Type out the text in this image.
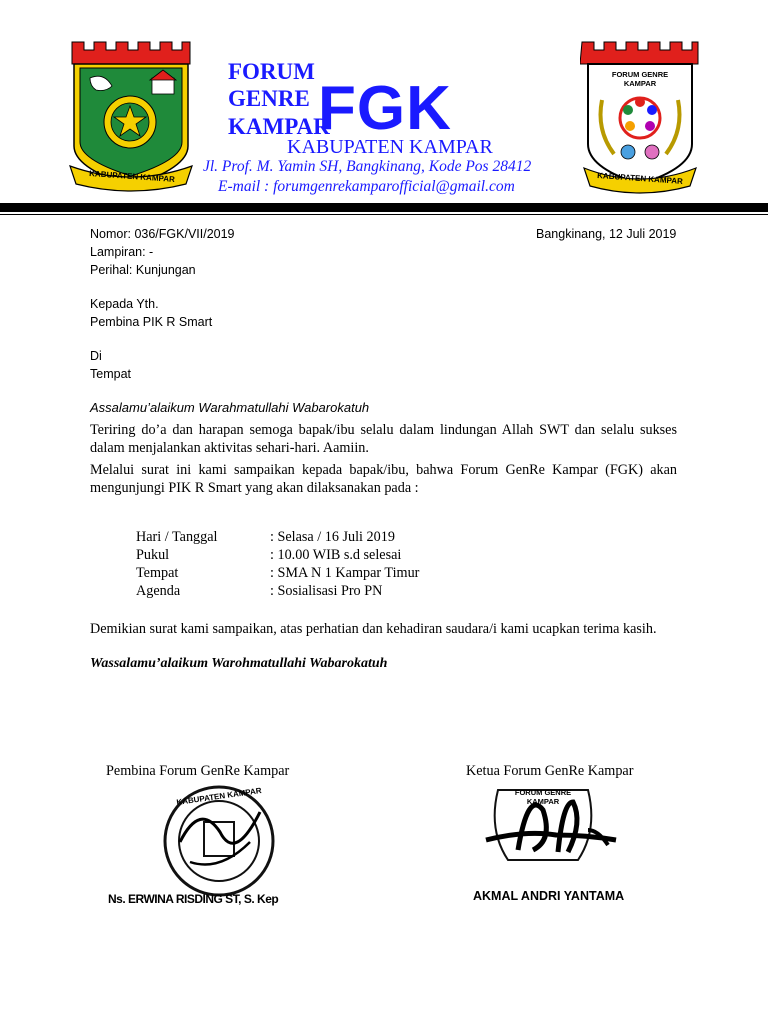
KABUPATEN KAMPAR
FORUM
GENRE
KAMPAR
FGK
KABUPATEN KAMPAR
Jl. Prof. M. Yamin SH, Bangkinang, Kode Pos 28412
E-mail : forumgenrekamparofficial@gmail.com
FORUM GENRE KAMPAR
KABUPATEN KAMPAR
Nomor: 036/FGK/VII/2019
Lampiran: -
Perihal: Kunjungan
Bangkinang, 12 Juli 2019
Kepada Yth.
Pembina PIK R Smart
Di
Tempat
Assalamu’alaikum Warahmatullahi Wabarokatuh
Teriring do’a dan harapan semoga bapak/ibu selalu dalam lindungan Allah SWT dan selalu sukses dalam menjalankan aktivitas sehari-hari. Aamiin.
Melalui surat ini kami sampaikan kepada bapak/ibu, bahwa Forum GenRe Kampar (FGK) akan mengunjungi PIK R Smart yang akan dilaksanakan pada :
Hari / Tanggal	: Selasa / 16 Juli 2019
Pukul	: 10.00 WIB s.d selesai
Tempat	: SMA N 1 Kampar Timur
Agenda	: Sosialisasi Pro PN
Demikian surat kami sampaikan, atas perhatian dan kehadiran saudara/i kami ucapkan terima kasih.
Wassalamu’alaikum Warohmatullahi Wabarokatuh
Pembina Forum GenRe Kampar	Ketua Forum GenRe Kampar
KABUPATEN KAMPAR
Ns. ERWINA RISDING ST, S. Kep
FORUM GENRE KAMPAR
AKMAL ANDRI YANTAMA
